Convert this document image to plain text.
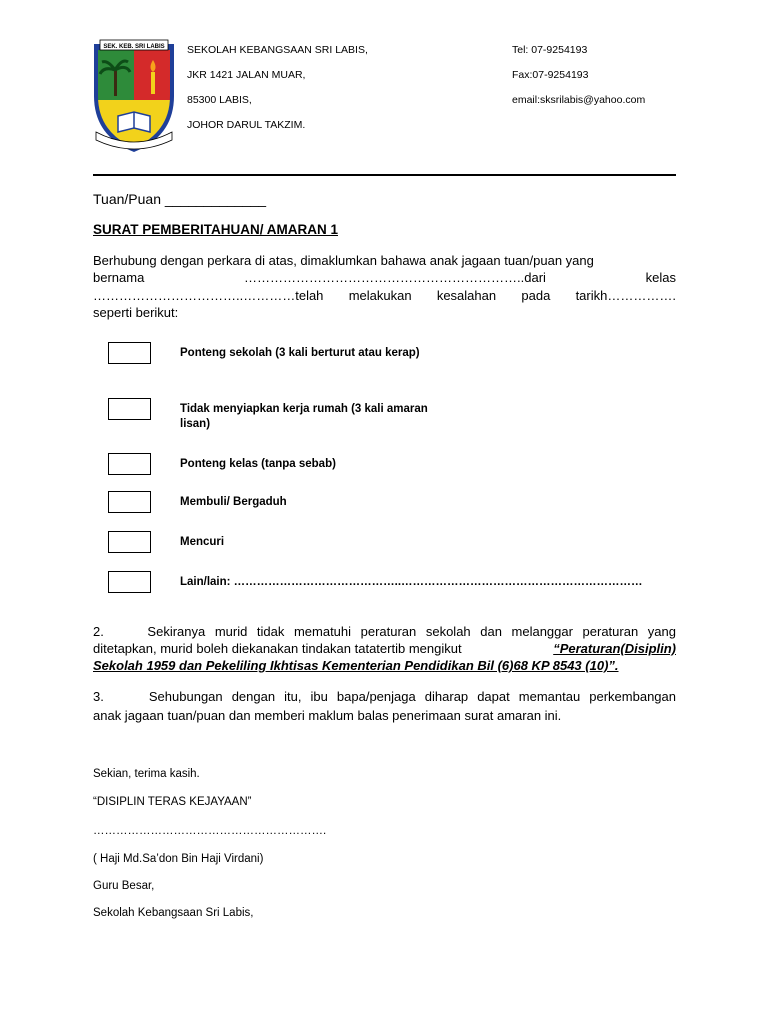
SEK. KEB. SRI LABIS SEKOLAH KEBANGSAAN SRI LABIS,
JKR 1421 JALAN MUAR,
85300 LABIS,
JOHOR DARUL TAKZIM.
Tel: 07-9254193
Fax:07-9254193
email:sksrilabis@yahoo.com
Tuan/Puan _____________
SURAT PEMBERITAHUAN/ AMARAN 1
Berhubung dengan perkara di atas, dimaklumkan bahawa anak jagaan tuan/puan yang
bernama	………………………………………………………..dari	kelas
……………………………..…………telah melakukan kesalahan pada tarikh…………….
seperti berikut:
Ponteng sekolah (3 kali berturut atau kerap)
Tidak menyiapkan kerja rumah (3 kali amaran
lisan)
Ponteng kelas (tanpa sebab)
Membuli/ Bergaduh
Mencuri
Lain/lain: ……………………………………..………………………………………………………
2.	Sekiranya murid tidak mematuhi peraturan sekolah dan melanggar peraturan yang
ditetapkan, murid boleh diekanakan tindakan tatatertib mengikut	“Peraturan(Disiplin)
Sekolah 1959 dan Pekeliling Ikhtisas Kementerian Pendidikan Bil (6)68 KP 8543 (10)”.
3.	Sehubungan dengan itu, ibu bapa/penjaga diharap dapat memantau perkembangan
anak jagaan tuan/puan dan memberi maklum balas penerimaan surat amaran ini.
Sekian, terima kasih.
“DISIPLIN TERAS KEJAYAAN”
…………………………………………………….
( Haji Md.Sa’don Bin Haji Virdani)
Guru Besar,
Sekolah Kebangsaan Sri Labis,
